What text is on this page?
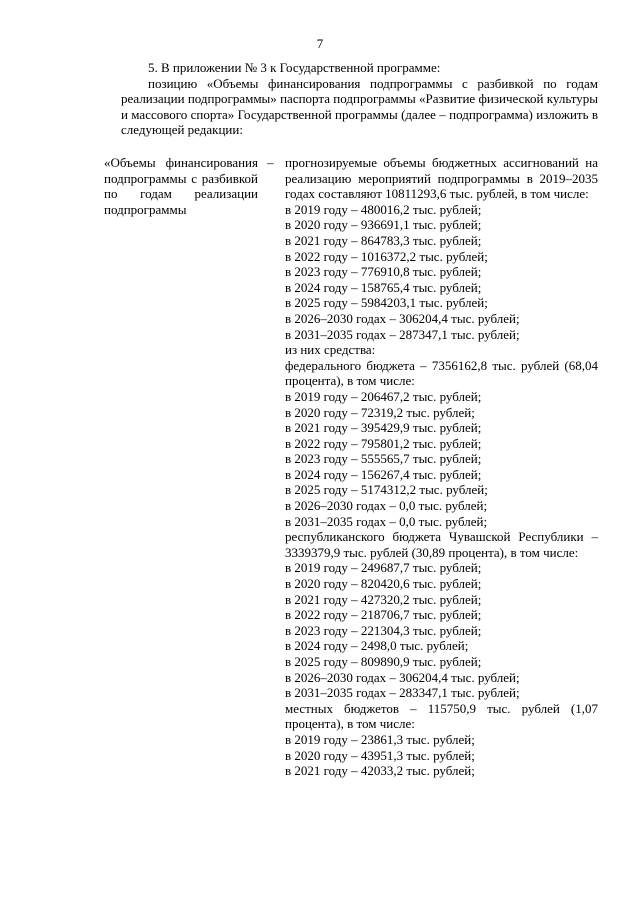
7

5. В приложении № 3 к Государственной программе:

позицию «Объемы финансирования подпрограммы с разбивкой по годам реализации подпрограммы» паспорта подпрограммы «Развитие физической культуры и массового спорта» Государственной программы (далее – подпрограмма) изложить в следующей редакции:

«Объемы финансирования подпрограммы с разбивкой по годам реализации подпрограммы
– прогнозируемые объемы бюджетных ассигнований на реализацию мероприятий подпрограммы в 2019–2035 годах составляют 10811293,6 тыс. рублей, в том числе:
в 2019 году – 480016,2 тыс. рублей;
в 2020 году – 936691,1 тыс. рублей;
в 2021 году – 864783,3 тыс. рублей;
в 2022 году – 1016372,2 тыс. рублей;
в 2023 году – 776910,8 тыс. рублей;
в 2024 году – 158765,4 тыс. рублей;
в 2025 году – 5984203,1 тыс. рублей;
в 2026–2030 годах – 306204,4 тыс. рублей;
в 2031–2035 годах – 287347,1 тыс. рублей;
из них средства:
федерального бюджета – 7356162,8 тыс. рублей (68,04 процента), в том числе:
в 2019 году – 206467,2 тыс. рублей;
в 2020 году – 72319,2 тыс. рублей;
в 2021 году – 395429,9 тыс. рублей;
в 2022 году – 795801,2 тыс. рублей;
в 2023 году – 555565,7 тыс. рублей;
в 2024 году – 156267,4 тыс. рублей;
в 2025 году – 5174312,2 тыс. рублей;
в 2026–2030 годах – 0,0 тыс. рублей;
в 2031–2035 годах – 0,0 тыс. рублей;
республиканского бюджета Чувашской Республики – 3339379,9 тыс. рублей (30,89 процента), в том числе:
в 2019 году – 249687,7 тыс. рублей;
в 2020 году – 820420,6 тыс. рублей;
в 2021 году – 427320,2 тыс. рублей;
в 2022 году – 218706,7 тыс. рублей;
в 2023 году – 221304,3 тыс. рублей;
в 2024 году – 2498,0 тыс. рублей;
в 2025 году – 809890,9 тыс. рублей;
в 2026–2030 годах – 306204,4 тыс. рублей;
в 2031–2035 годах – 283347,1 тыс. рублей;
местных бюджетов – 115750,9 тыс. рублей (1,07 процента), в том числе:
в 2019 году – 23861,3 тыс. рублей;
в 2020 году – 43951,3 тыс. рублей;
в 2021 году – 42033,2 тыс. рублей;
